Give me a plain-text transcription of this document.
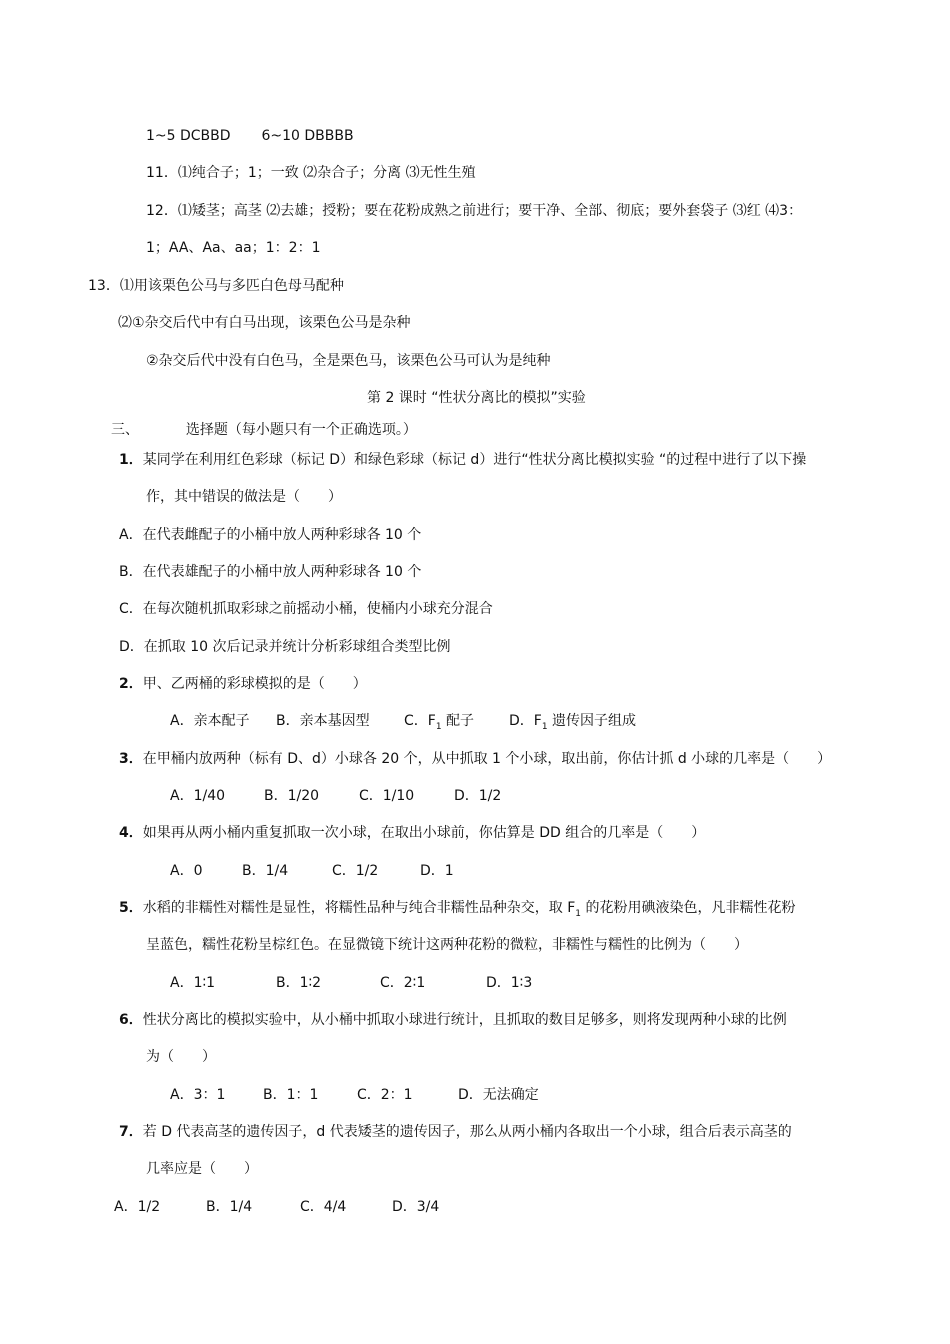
1~5 DCBBD 6~10 DBBBB
11．⑴纯合子；1；一致 ⑵杂合子；分离 ⑶无性生殖
12．⑴矮茎；高茎 ⑵去雄；授粉；要在花粉成熟之前进行；要干净、全部、彻底；要外套袋子 ⑶红 ⑷3：
1；AA、Aa、aa；1：2：1
13．⑴用该栗色公马与多匹白色母马配种
⑵①杂交后代中有白马出现，该栗色公马是杂种
②杂交后代中没有白色马，全是栗色马，该栗色公马可认为是纯种
第 2 课时 “性状分离比的模拟”实验
三、	选择题（每小题只有一个正确选项。）
1．某同学在利用红色彩球（标记 D）和绿色彩球（标记 d）进行“性状分离比模拟实验 “的过程中进行了以下操
作，其中错误的做法是（　　）
A．在代表雌配子的小桶中放人两种彩球各 10 个
B．在代表雄配子的小桶中放人两种彩球各 10 个
C．在每次随机抓取彩球之前摇动小桶，使桶内小球充分混合
D．在抓取 10 次后记录并统计分析彩球组合类型比例
2．甲、乙两桶的彩球模拟的是（　　）
A．亲本配子 B．亲本基因型 C．$F_1$ 配子 D．$F_1$ 遗传因子组成
3．在甲桶内放两种（标有 D、d）小球各 20 个，从中抓取 1 个小球，取出前，你估计抓 d 小球的几率是（　　）
A．1/40	B．1/20	C．1/10	D．1/2
4．如果再从两小桶内重复抓取一次小球，在取出小球前，你估算是 DD 组合的几率是（　　）
A．0	B．1/4	C．1/2	D．1
5．水稻的非糯性对糯性是显性，将糯性品种与纯合非糯性品种杂交，取 $F_1$ 的花粉用碘液染色，凡非糯性花粉
呈蓝色，糯性花粉呈棕红色。在显微镜下统计这两种花粉的微粒，非糯性与糯性的比例为（　　）
A．1∶1	B．1∶2	C．2∶1	D．1∶3
6．性状分离比的模拟实验中，从小桶中抓取小球进行统计，且抓取的数目足够多，则将发现两种小球的比例
为（　　）
A．3：1	B．1：1	C．2：1	D．无法确定
7．若 D 代表高茎的遗传因子，d 代表矮茎的遗传因子，那么从两小桶内各取出一个小球，组合后表示高茎的
几率应是（　　）
A．1/2	B．1/4	C．4/4	D．3/4
